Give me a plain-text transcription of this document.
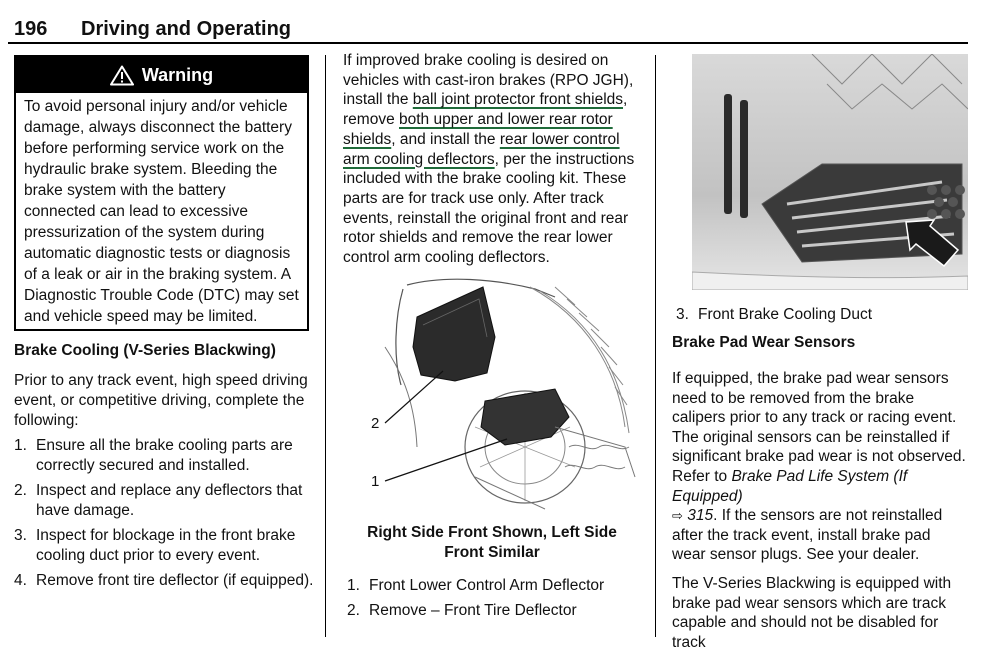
196 Driving and Operating
Warning
To avoid personal injury and/or vehicle damage, always disconnect the battery before performing service work on the hydraulic brake system. Bleeding the brake system with the battery connected can lead to excessive pressurization of the system during automatic diagnostic tests or diagnosis of a leak or air in the braking system. A Diagnostic Trouble Code (DTC) may set and vehicle speed may be limited.
Brake Cooling (V-Series Blackwing)

Prior to any track event, high speed driving event, or competitive driving, complete the following:

1. Ensure all the brake cooling parts are correctly secured and installed.
2. Inspect and replace any deflectors that have damage.
3. Inspect for blockage in the front brake cooling duct prior to every event.
4. Remove front tire deflector (if equipped).
If improved brake cooling is desired on vehicles with cast-iron brakes (RPO JGH), install the ball joint protector front shields, remove both upper and lower rear rotor shields, and install the rear lower control arm cooling deflectors, per the instructions included with the brake cooling kit. These parts are for track use only. After track events, reinstall the original front and rear rotor shields and remove the rear lower control arm cooling deflectors.
2
1
Right Side Front Shown, Left Side Front Similar
1. Front Lower Control Arm Deflector
2. Remove – Front Tire Deflector
3. Front Brake Cooling Duct
Brake Pad Wear Sensors

If equipped, the brake pad wear sensors need to be removed from the brake calipers prior to any track or racing event. The original sensors can be reinstalled if significant brake pad wear is not observed. Refer to Brake Pad Life System (If Equipped)
⇨ 315. If the sensors are not reinstalled after the track event, install brake pad wear sensor plugs. See your dealer.

The V-Series Blackwing is equipped with brake pad wear sensors which are track capable and should not be disabled for track
